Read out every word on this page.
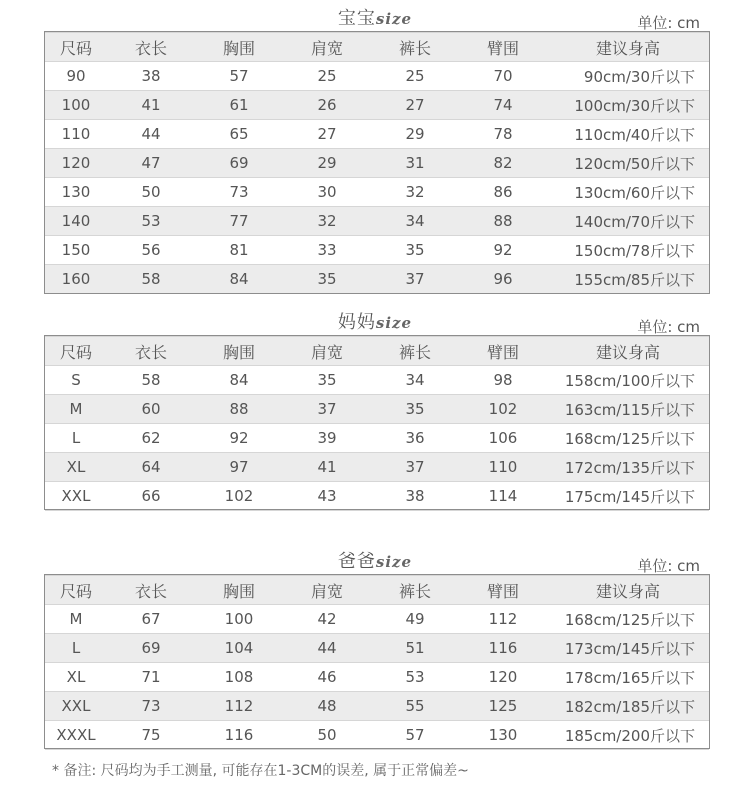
宝宝size	单位: cm
尺码	衣长	胸围	肩宽	裤长	臂围	建议身高
90	38	57	25	25	70	90cm/30斤以下
100	41	61	26	27	74	100cm/30斤以下
110	44	65	27	29	78	110cm/40斤以下
120	47	69	29	31	82	120cm/50斤以下
130	50	73	30	32	86	130cm/60斤以下
140	53	77	32	34	88	140cm/70斤以下
150	56	81	33	35	92	150cm/78斤以下
160	58	84	35	37	96	155cm/85斤以下
妈妈size	单位: cm
尺码	衣长	胸围	肩宽	裤长	臂围	建议身高
S	58	84	35	34	98	158cm/100斤以下
M	60	88	37	35	102	163cm/115斤以下
L	62	92	39	36	106	168cm/125斤以下
XL	64	97	41	37	110	172cm/135斤以下
XXL	66	102	43	38	114	175cm/145斤以下
爸爸size	单位: cm
尺码	衣长	胸围	肩宽	裤长	臂围	建议身高
M	67	100	42	49	112	168cm/125斤以下
L	69	104	44	51	116	173cm/145斤以下
XL	71	108	46	53	120	178cm/165斤以下
XXL	73	112	48	55	125	182cm/185斤以下
XXXL	75	116	50	57	130	185cm/200斤以下
* 备注: 尺码均为手工测量, 可能存在1-3CM的误差, 属于正常偏差~
